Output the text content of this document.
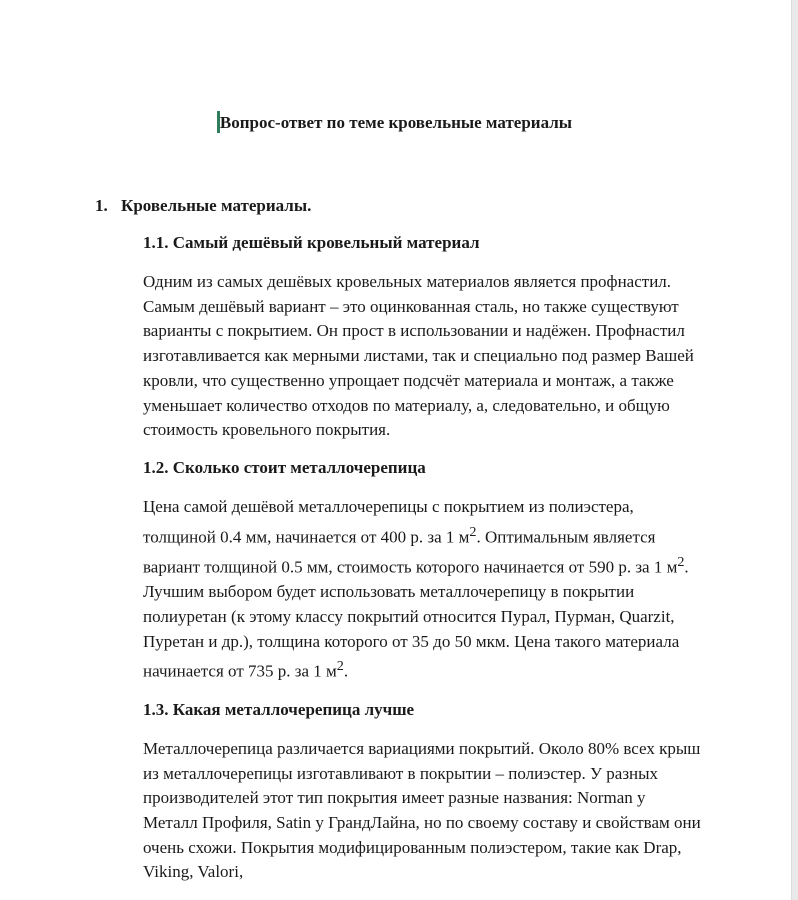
Вопрос-ответ по теме кровельные материалы
1. Кровельные материалы.
1.1. Самый дешёвый кровельный материал

Одним из самых дешёвых кровельных материалов является профнастил. Самым дешёвый вариант – это оцинкованная сталь, но также существуют варианты с покрытием. Он прост в использовании и надёжен. Профнастил изготавливается как мерными листами, так и специально под размер Вашей кровли, что существенно упрощает подсчёт материала и монтаж, а также уменьшает количество отходов по материалу, а, следовательно, и общую стоимость кровельного покрытия.

1.2. Сколько стоит металлочерепица

Цена самой дешёвой металлочерепицы с покрытием из полиэстера, толщиной 0.4 мм, начинается от 400 р. за 1 $м^2$. Оптимальным является вариант толщиной 0.5 мм, стоимость которого начинается от 590 р. за 1 $м^2$. Лучшим выбором будет использовать металлочерепицу в покрытии полиуретан (к этому классу покрытий относится Пурал, Пурман, Quarzit, Пуретан и др.), толщина которого от 35 до 50 мкм. Цена такого материала начинается от 735 р. за 1 $м^2$.

1.3. Какая металлочерепица лучше

Металлочерепица различается вариациями покрытий. Около 80% всех крыш из металлочерепицы изготавливают в покрытии – полиэстер. У разных производителей этот тип покрытия имеет разные названия: Norman у Металл Профиля, Satin у ГрандЛайна, но по своему составу и свойствам они очень схожи. Покрытия модифицированным полиэстером, такие как Drap, Viking, Valori,
